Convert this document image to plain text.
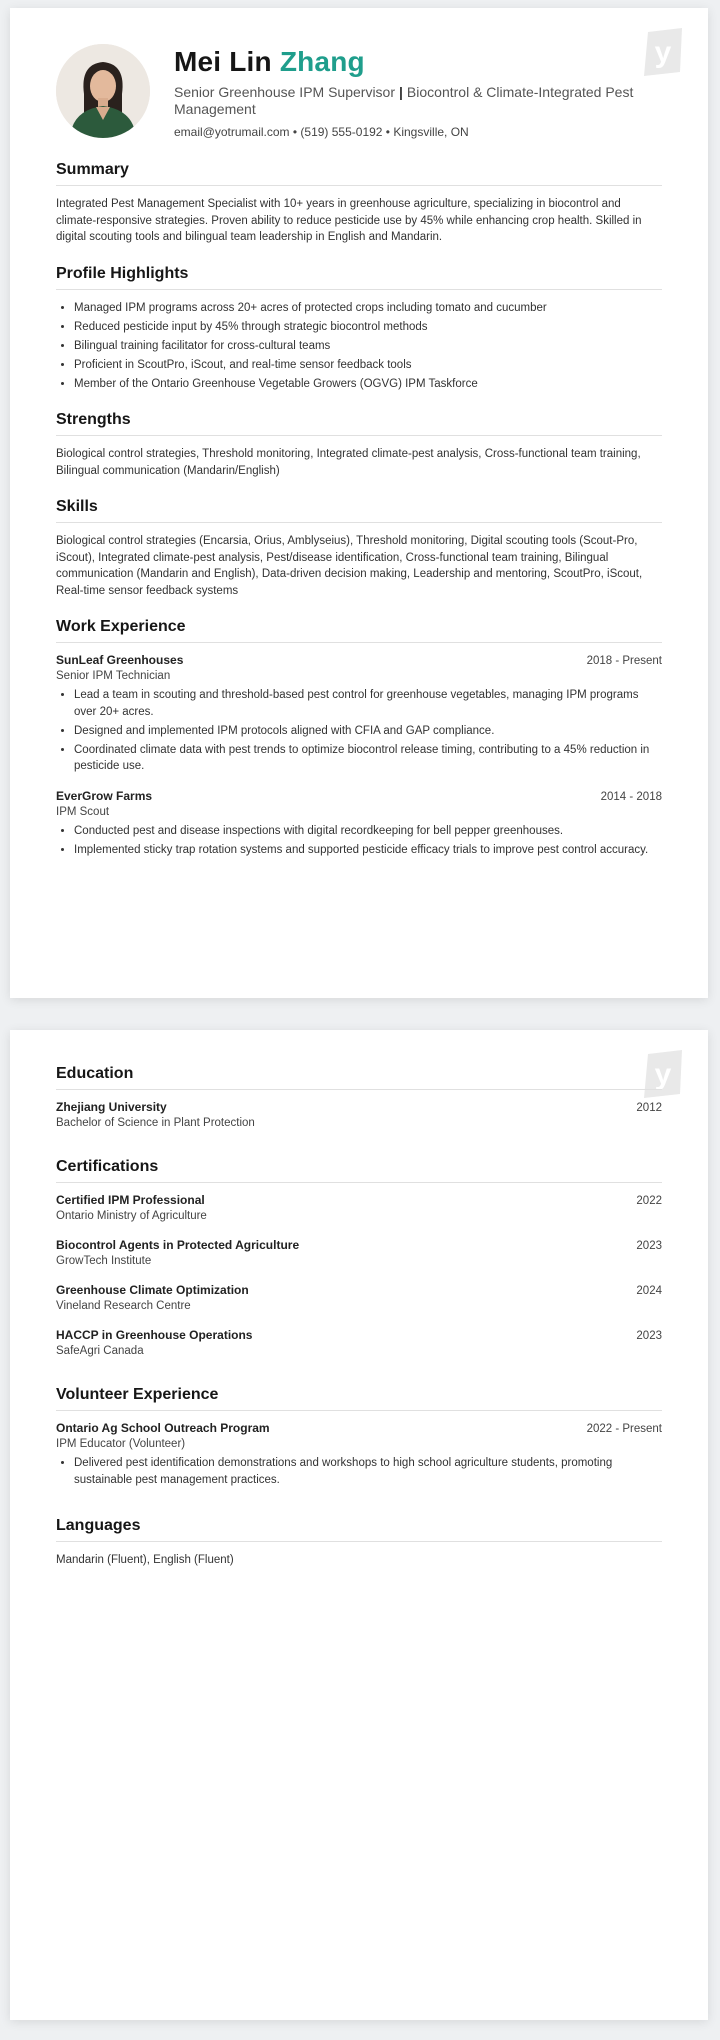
y
Mei Lin Zhang
Senior Greenhouse IPM Supervisor | Biocontrol & Climate-Integrated Pest Management
email@yotrumail.com • (519) 555-0192 • Kingsville, ON
Summary

Integrated Pest Management Specialist with 10+ years in greenhouse agriculture, specializing in biocontrol and climate-responsive strategies. Proven ability to reduce pesticide use by 45% while enhancing crop health. Skilled in digital scouting tools and bilingual team leadership in English and Mandarin.

Profile Highlights
• Managed IPM programs across 20+ acres of protected crops including tomato and cucumber
• Reduced pesticide input by 45% through strategic biocontrol methods
• Bilingual training facilitator for cross-cultural teams
• Proficient in ScoutPro, iScout, and real-time sensor feedback tools
• Member of the Ontario Greenhouse Vegetable Growers (OGVG) IPM Taskforce
Strengths

Biological control strategies, Threshold monitoring, Integrated climate-pest analysis, Cross-functional team training, Bilingual communication (Mandarin/English)

Skills

Biological control strategies (Encarsia, Orius, Amblyseius), Threshold monitoring, Digital scouting tools (Scout-Pro, iScout), Integrated climate-pest analysis, Pest/disease identification, Cross-functional team training, Bilingual communication (Mandarin and English), Data-driven decision making, Leadership and mentoring, ScoutPro, iScout, Real-time sensor feedback systems

Work Experience
SunLeaf Greenhouses	2018 - Present
Senior IPM Technician
• Lead a team in scouting and threshold-based pest control for greenhouse vegetables, managing IPM programs over 20+ acres.
• Designed and implemented IPM protocols aligned with CFIA and GAP compliance.
• Coordinated climate data with pest trends to optimize biocontrol release timing, contributing to a 45% reduction in pesticide use.
EverGrow Farms	2014 - 2018
IPM Scout
• Conducted pest and disease inspections with digital recordkeeping for bell pepper greenhouses.
• Implemented sticky trap rotation systems and supported pesticide efficacy trials to improve pest control accuracy.
y
Education
Zhejiang University	2012
Bachelor of Science in Plant Protection
Certifications
Certified IPM Professional	2022
Ontario Ministry of Agriculture
Biocontrol Agents in Protected Agriculture	2023
GrowTech Institute
Greenhouse Climate Optimization	2024
Vineland Research Centre
HACCP in Greenhouse Operations	2023
SafeAgri Canada
Volunteer Experience
Ontario Ag School Outreach Program	2022 - Present
IPM Educator (Volunteer)
• Delivered pest identification demonstrations and workshops to high school agriculture students, promoting sustainable pest management practices.
Languages

Mandarin (Fluent), English (Fluent)
